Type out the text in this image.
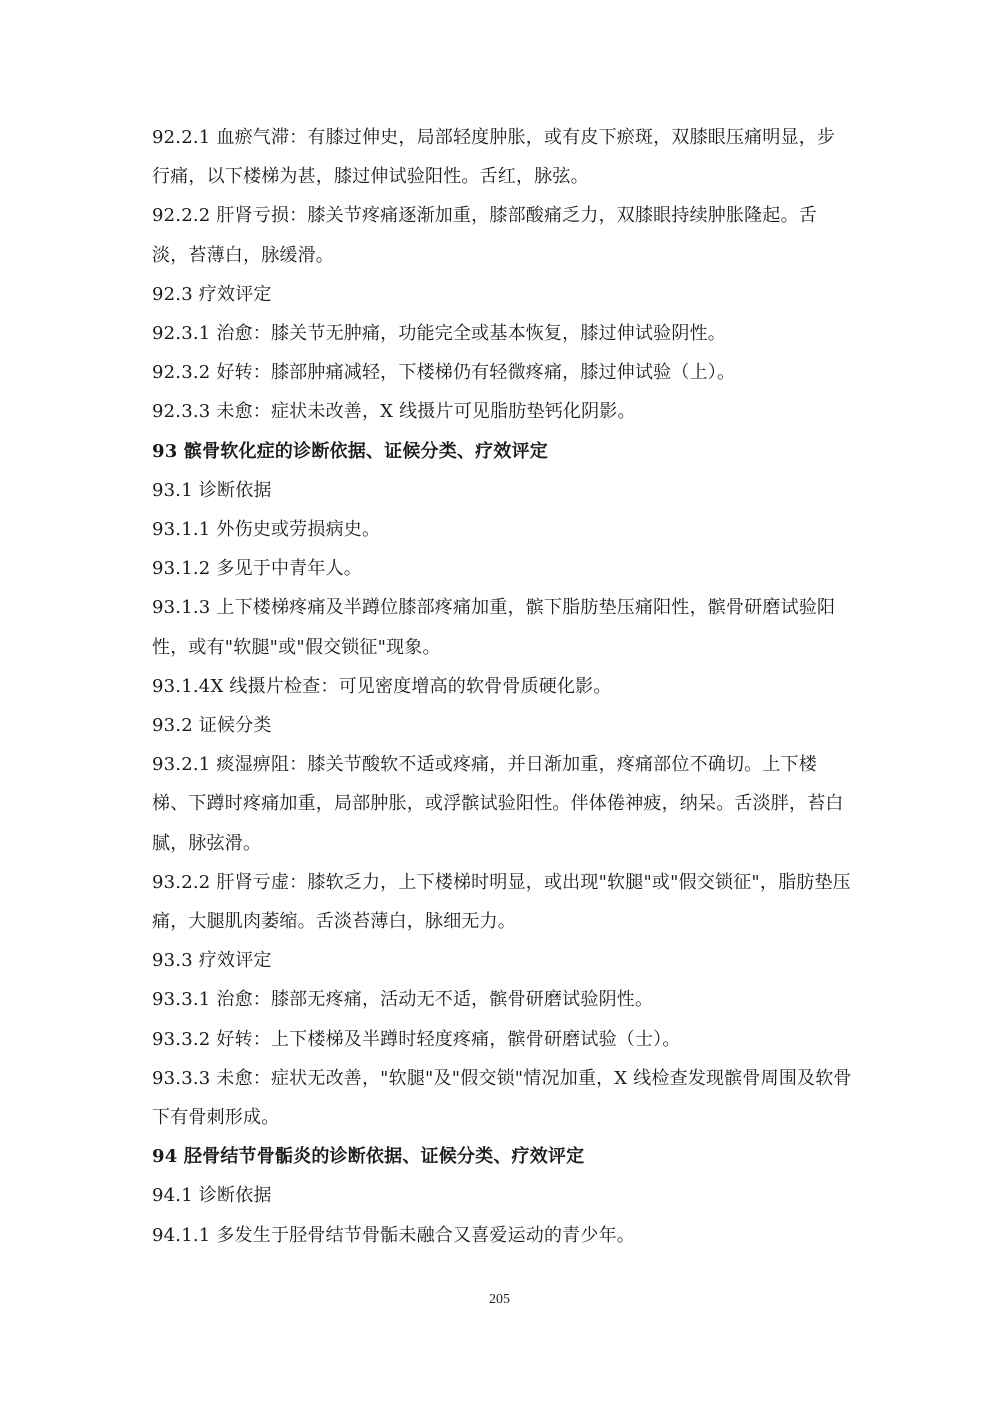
92.2.1 血瘀气滞：有膝过伸史，局部轻度肿胀，或有皮下瘀斑，双膝眼压痛明显，步行痛，以下楼梯为甚，膝过伸试验阳性。舌红，脉弦。

92.2.2 肝肾亏损：膝关节疼痛逐渐加重，膝部酸痛乏力，双膝眼持续肿胀隆起。舌淡，苔薄白，脉缓滑。

92.3 疗效评定

92.3.1 治愈：膝关节无肿痛，功能完全或基本恢复，膝过伸试验阴性。

92.3.2 好转：膝部肿痛减轻，下楼梯仍有轻微疼痛，膝过伸试验（上）。

92.3.3 未愈：症状未改善，X 线摄片可见脂肪垫钙化阴影。

93 髌骨软化症的诊断依据、证候分类、疗效评定

93.1 诊断依据

93.1.1 外伤史或劳损病史。

93.1.2 多见于中青年人。

93.1.3 上下楼梯疼痛及半蹲位膝部疼痛加重，髌下脂肪垫压痛阳性，髌骨研磨试验阳性，或有"软腿"或"假交锁征"现象。

93.1.4X 线摄片检查：可见密度增高的软骨骨质硬化影。

93.2 证候分类

93.2.1 痰湿痹阻：膝关节酸软不适或疼痛，并日渐加重，疼痛部位不确切。上下楼梯、下蹲时疼痛加重，局部肿胀，或浮髌试验阳性。伴体倦神疲，纳呆。舌淡胖，苔白腻，脉弦滑。

93.2.2 肝肾亏虚：膝软乏力，上下楼梯时明显，或出现"软腿"或"假交锁征"，脂肪垫压痛，大腿肌肉萎缩。舌淡苔薄白，脉细无力。

93.3 疗效评定

93.3.1 治愈：膝部无疼痛，活动无不适，髌骨研磨试验阴性。

93.3.2 好转：上下楼梯及半蹲时轻度疼痛，髌骨研磨试验（士）。

93.3.3 未愈：症状无改善，"软腿"及"假交锁"情况加重，X 线检查发现髌骨周围及软骨下有骨刺形成。

94 胫骨结节骨骺炎的诊断依据、证候分类、疗效评定

94.1 诊断依据

94.1.1 多发生于胫骨结节骨骺未融合又喜爱运动的青少年。

205
